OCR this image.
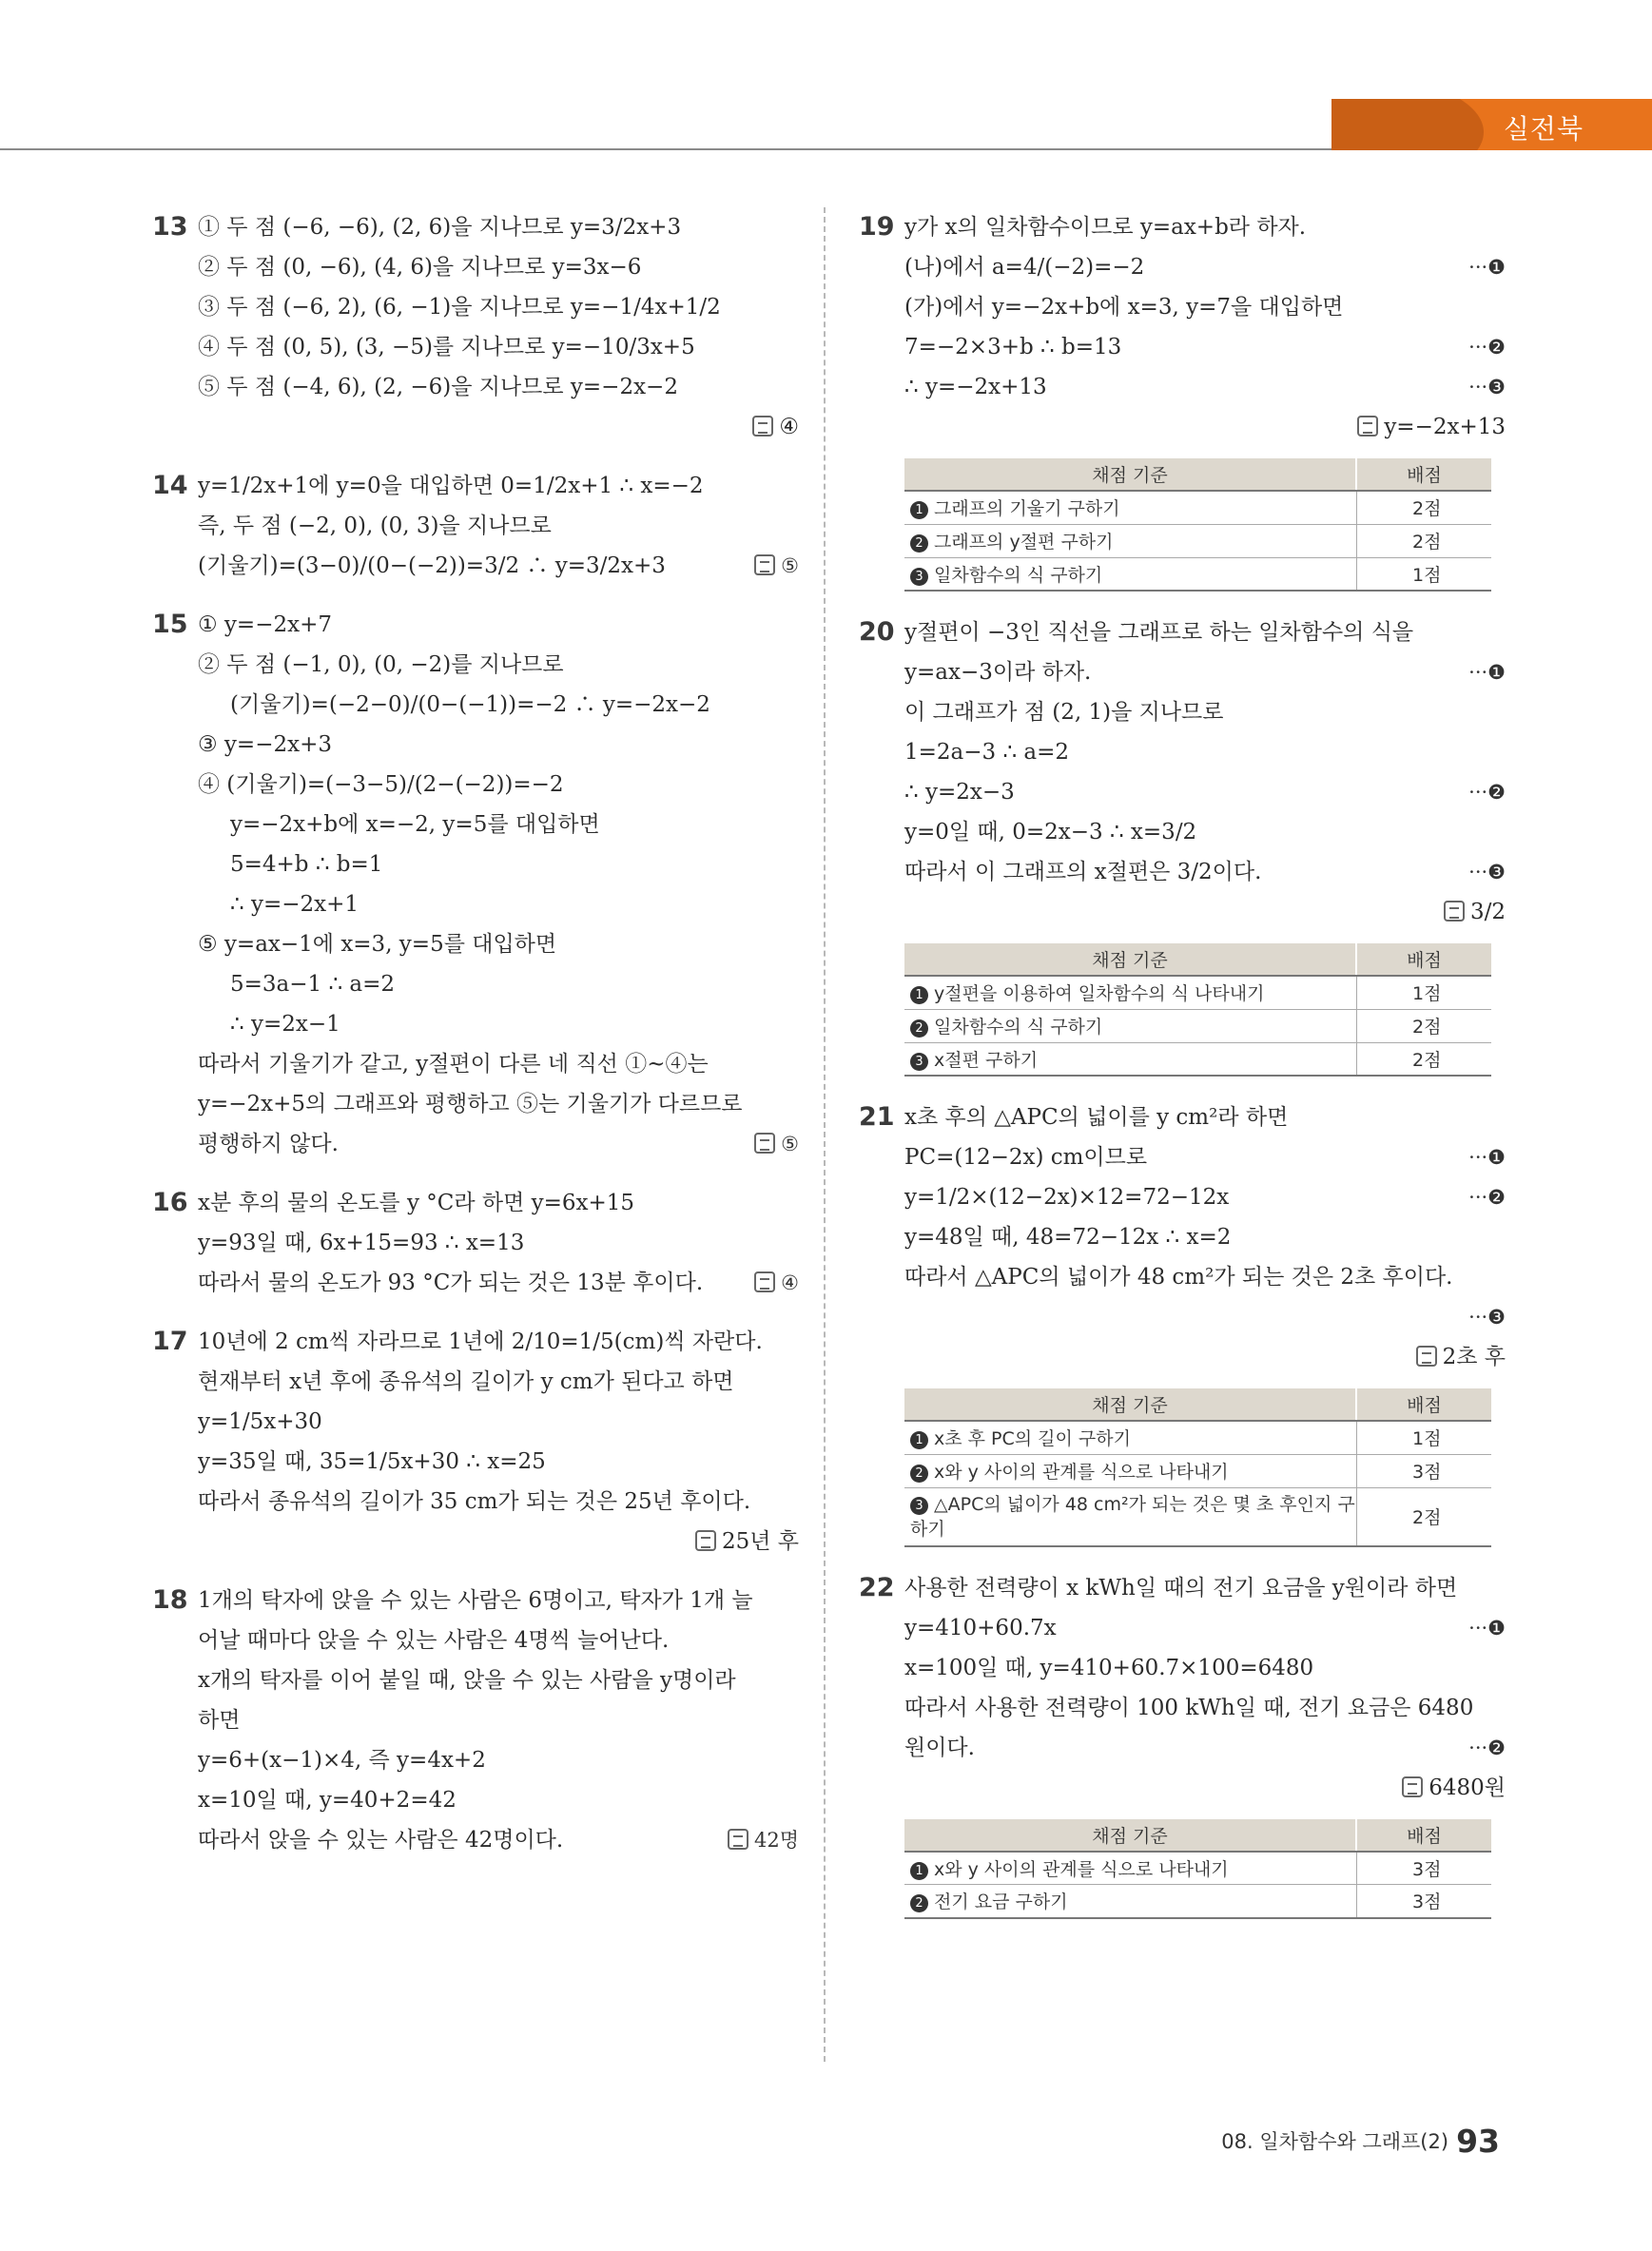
실전북
13 ① 두 점 (−6, −6), (2, 6)을 지나므로 y=3/2x+3
② 두 점 (0, −6), (4, 6)을 지나므로 y=3x−6
③ 두 점 (−6, 2), (6, −1)을 지나므로 y=−1/4x+1/2
④ 두 점 (0, 5), (3, −5)를 지나므로 y=−10/3x+5
⑤ 두 점 (−4, 6), (2, −6)을 지나므로 y=−2x−2
④
14 y=1/2x+1에 y=0을 대입하면 0=1/2x+1 ∴ x=−2
즉, 두 점 (−2, 0), (0, 3)을 지나므로
(기울기)=(3−0)/(0−(−2))=3/2 ∴ y=3/2x+3	⑤
15 ① y=−2x+7
② 두 점 (−1, 0), (0, −2)를 지나므로
(기울기)=(−2−0)/(0−(−1))=−2 ∴ y=−2x−2
③ y=−2x+3
④ (기울기)=(−3−5)/(2−(−2))=−2
y=−2x+b에 x=−2, y=5를 대입하면
5=4+b ∴ b=1
∴ y=−2x+1
⑤ y=ax−1에 x=3, y=5를 대입하면
5=3a−1 ∴ a=2
∴ y=2x−1
따라서 기울기가 같고, y절편이 다른 네 직선 ①~④는
y=−2x+5의 그래프와 평행하고 ⑤는 기울기가 다르므로
평행하지 않다.	⑤
16 x분 후의 물의 온도를 y °C라 하면 y=6x+15
y=93일 때, 6x+15=93 ∴ x=13
따라서 물의 온도가 93 °C가 되는 것은 13분 후이다.	④
17 10년에 2 cm씩 자라므로 1년에 2/10=1/5(cm)씩 자란다.
현재부터 x년 후에 종유석의 길이가 y cm가 된다고 하면
y=1/5x+30
y=35일 때, 35=1/5x+30 ∴ x=25
따라서 종유석의 길이가 35 cm가 되는 것은 25년 후이다.
25년 후
18 1개의 탁자에 앉을 수 있는 사람은 6명이고, 탁자가 1개 늘
어날 때마다 앉을 수 있는 사람은 4명씩 늘어난다.
x개의 탁자를 이어 붙일 때, 앉을 수 있는 사람을 y명이라
하면
y=6+(x−1)×4, 즉 y=4x+2
x=10일 때, y=40+2=42
따라서 앉을 수 있는 사람은 42명이다.	42명
19 y가 x의 일차함수이므로 y=ax+b라 하자.
(나)에서 a=4/(−2)=−2	···❶
(가)에서 y=−2x+b에 x=3, y=7을 대입하면
7=−2×3+b ∴ b=13	···❷
∴ y=−2x+13	···❸
y=−2x+13
채점 기준	배점
1 그래프의 기울기 구하기	2점
2 그래프의 y절편 구하기	2점
3 일차함수의 식 구하기	1점
20 y절편이 −3인 직선을 그래프로 하는 일차함수의 식을
y=ax−3이라 하자.	···❶
이 그래프가 점 (2, 1)을 지나므로
1=2a−3 ∴ a=2
∴ y=2x−3	···❷
y=0일 때, 0=2x−3 ∴ x=3/2
따라서 이 그래프의 x절편은 3/2이다.	···❸
3/2
채점 기준	배점
1 y절편을 이용하여 일차함수의 식 나타내기	1점
2 일차함수의 식 구하기	2점
3 x절편 구하기	2점
21 x초 후의 △APC의 넓이를 y cm²라 하면
PC=(12−2x) cm이므로	···❶
y=1/2×(12−2x)×12=72−12x	···❷
y=48일 때, 48=72−12x ∴ x=2
따라서 △APC의 넓이가 48 cm²가 되는 것은 2초 후이다.
···❸
2초 후
채점 기준	배점
1 x초 후 PC의 길이 구하기	1점
2 x와 y 사이의 관계를 식으로 나타내기	3점
3 △APC의 넓이가 48 cm²가 되는 것은 몇 초 후인지 구하기	2점
22 사용한 전력량이 x kWh일 때의 전기 요금을 y원이라 하면
y=410+60.7x	···❶
x=100일 때, y=410+60.7×100=6480
따라서 사용한 전력량이 100 kWh일 때, 전기 요금은 6480
원이다.	···❷
6480원
채점 기준	배점
1 x와 y 사이의 관계를 식으로 나타내기	3점
2 전기 요금 구하기	3점
08. 일차함수와 그래프(2) 93
